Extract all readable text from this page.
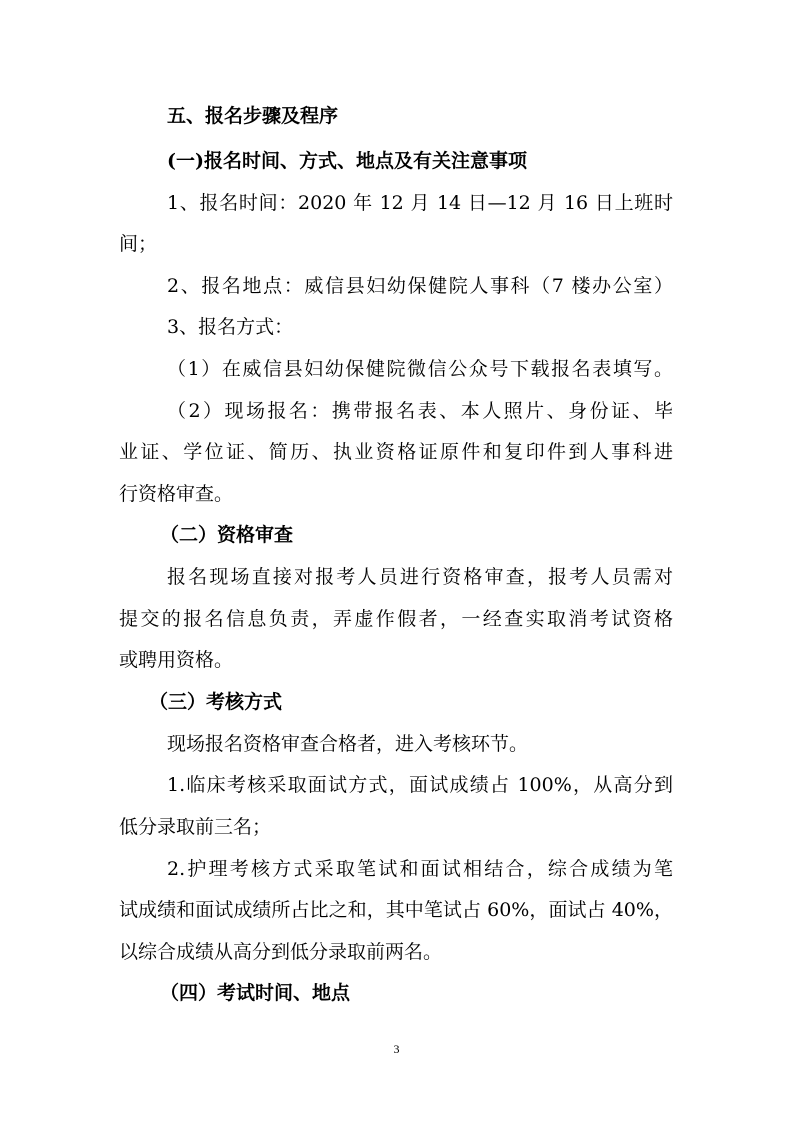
五、报名步骤及程序

(一)报名时间、方式、地点及有关注意事项

1、报名时间：2020 年 12 月 14 日—12 月 16 日上班时

间；

2、报名地点：威信县妇幼保健院人事科（7 楼办公室）

3、报名方式：

（1）在威信县妇幼保健院微信公众号下载报名表填写。

（2）现场报名：携带报名表、本人照片、身份证、毕

业证、学位证、简历、执业资格证原件和复印件到人事科进

行资格审查。

（二）资格审查

报名现场直接对报考人员进行资格审查，报考人员需对

提交的报名信息负责，弄虚作假者，一经查实取消考试资格

或聘用资格。

（三）考核方式

现场报名资格审查合格者，进入考核环节。

1.临床考核采取面试方式，面试成绩占 100%，从高分到

低分录取前三名；

2.护理考核方式采取笔试和面试相结合，综合成绩为笔

试成绩和面试成绩所占比之和，其中笔试占 60%，面试占 40%，

以综合成绩从高分到低分录取前两名。

（四）考试时间、地点

3
